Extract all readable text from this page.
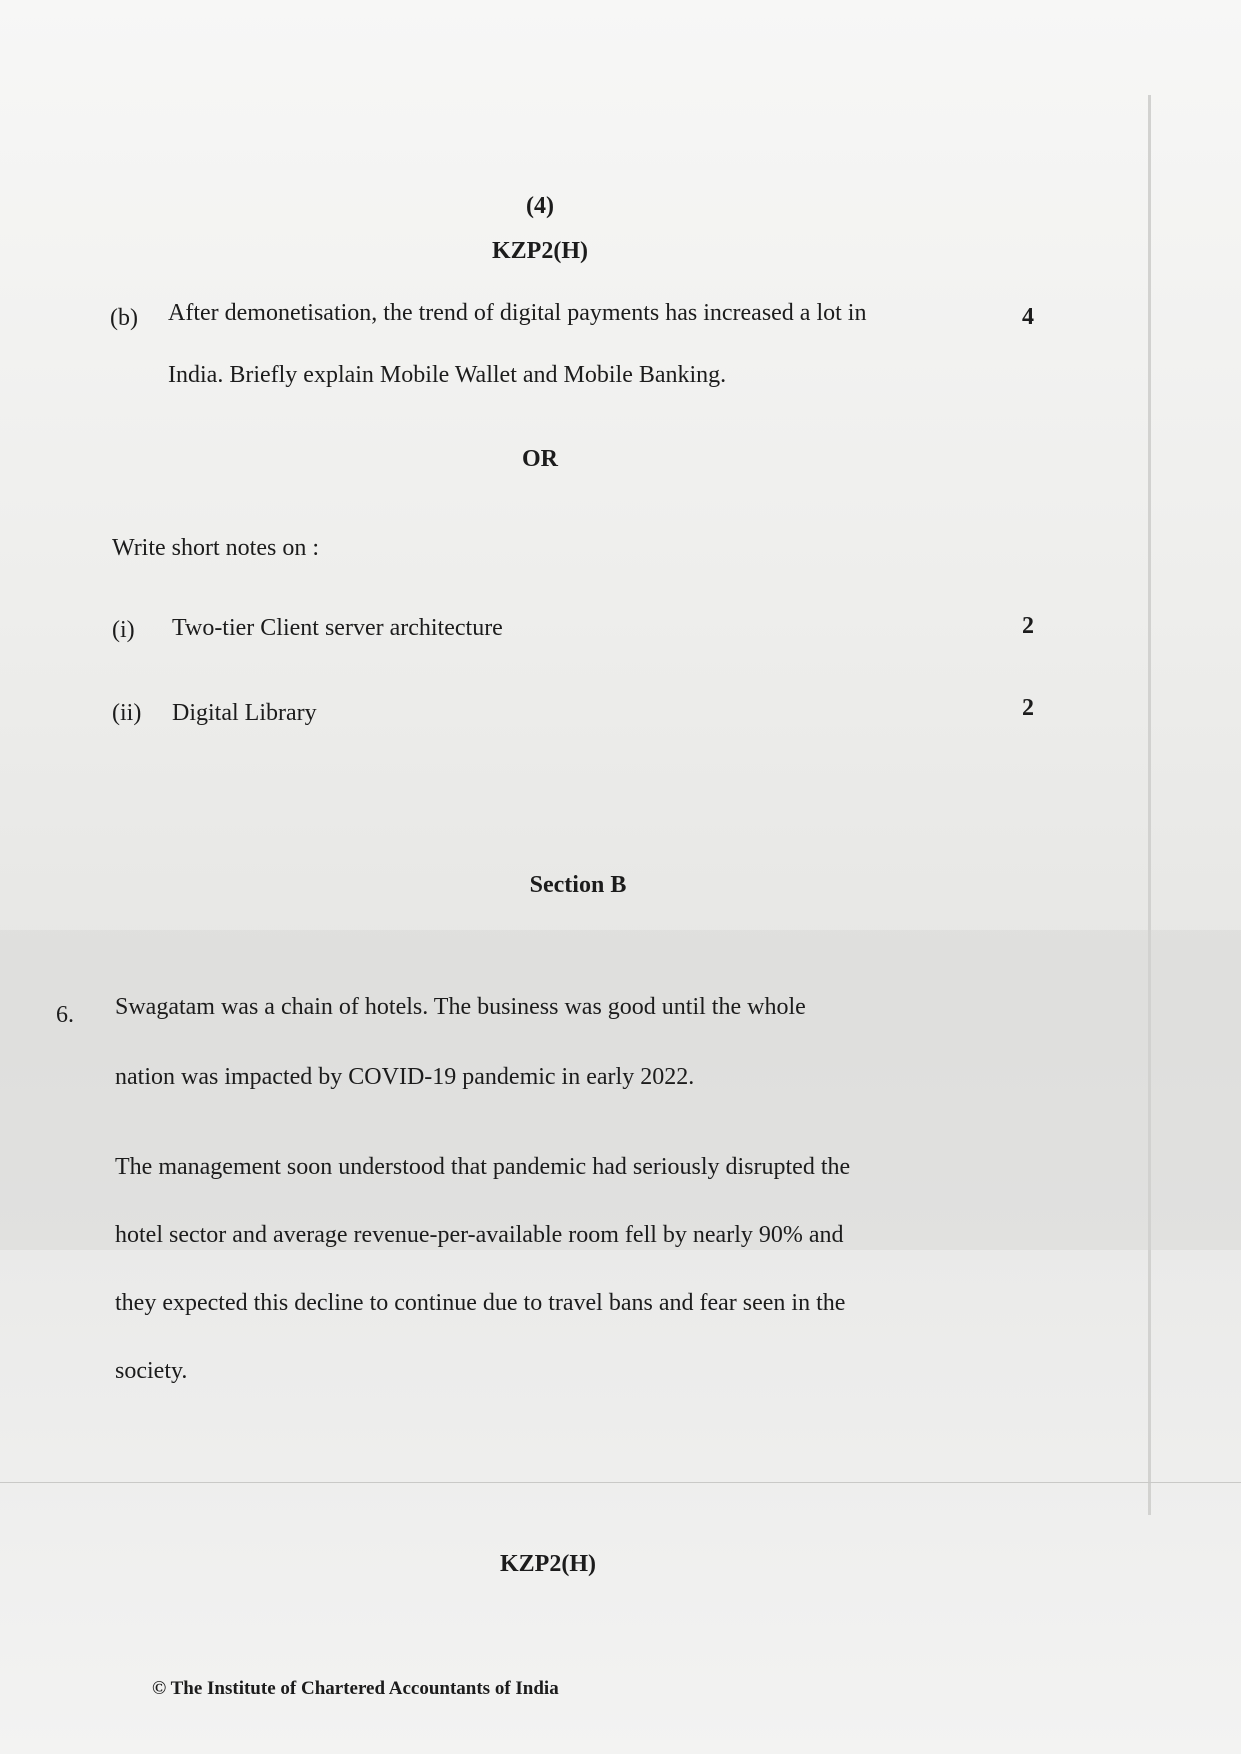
(4)
KZP2(H)
(b) After demonetisation, the trend of digital payments has increased a lot in
India. Briefly explain Mobile Wallet and Mobile Banking.
4
OR
Write short notes on :
(i) Two-tier Client server architecture	2
(ii) Digital Library	2
Section B
6. Swagatam was a chain of hotels. The business was good until the whole
nation was impacted by COVID-19 pandemic in early 2022.
The management soon understood that pandemic had seriously disrupted the
hotel sector and average revenue-per-available room fell by nearly 90% and
they expected this decline to continue due to travel bans and fear seen in the
society.
KZP2(H)
© The Institute of Chartered Accountants of India
